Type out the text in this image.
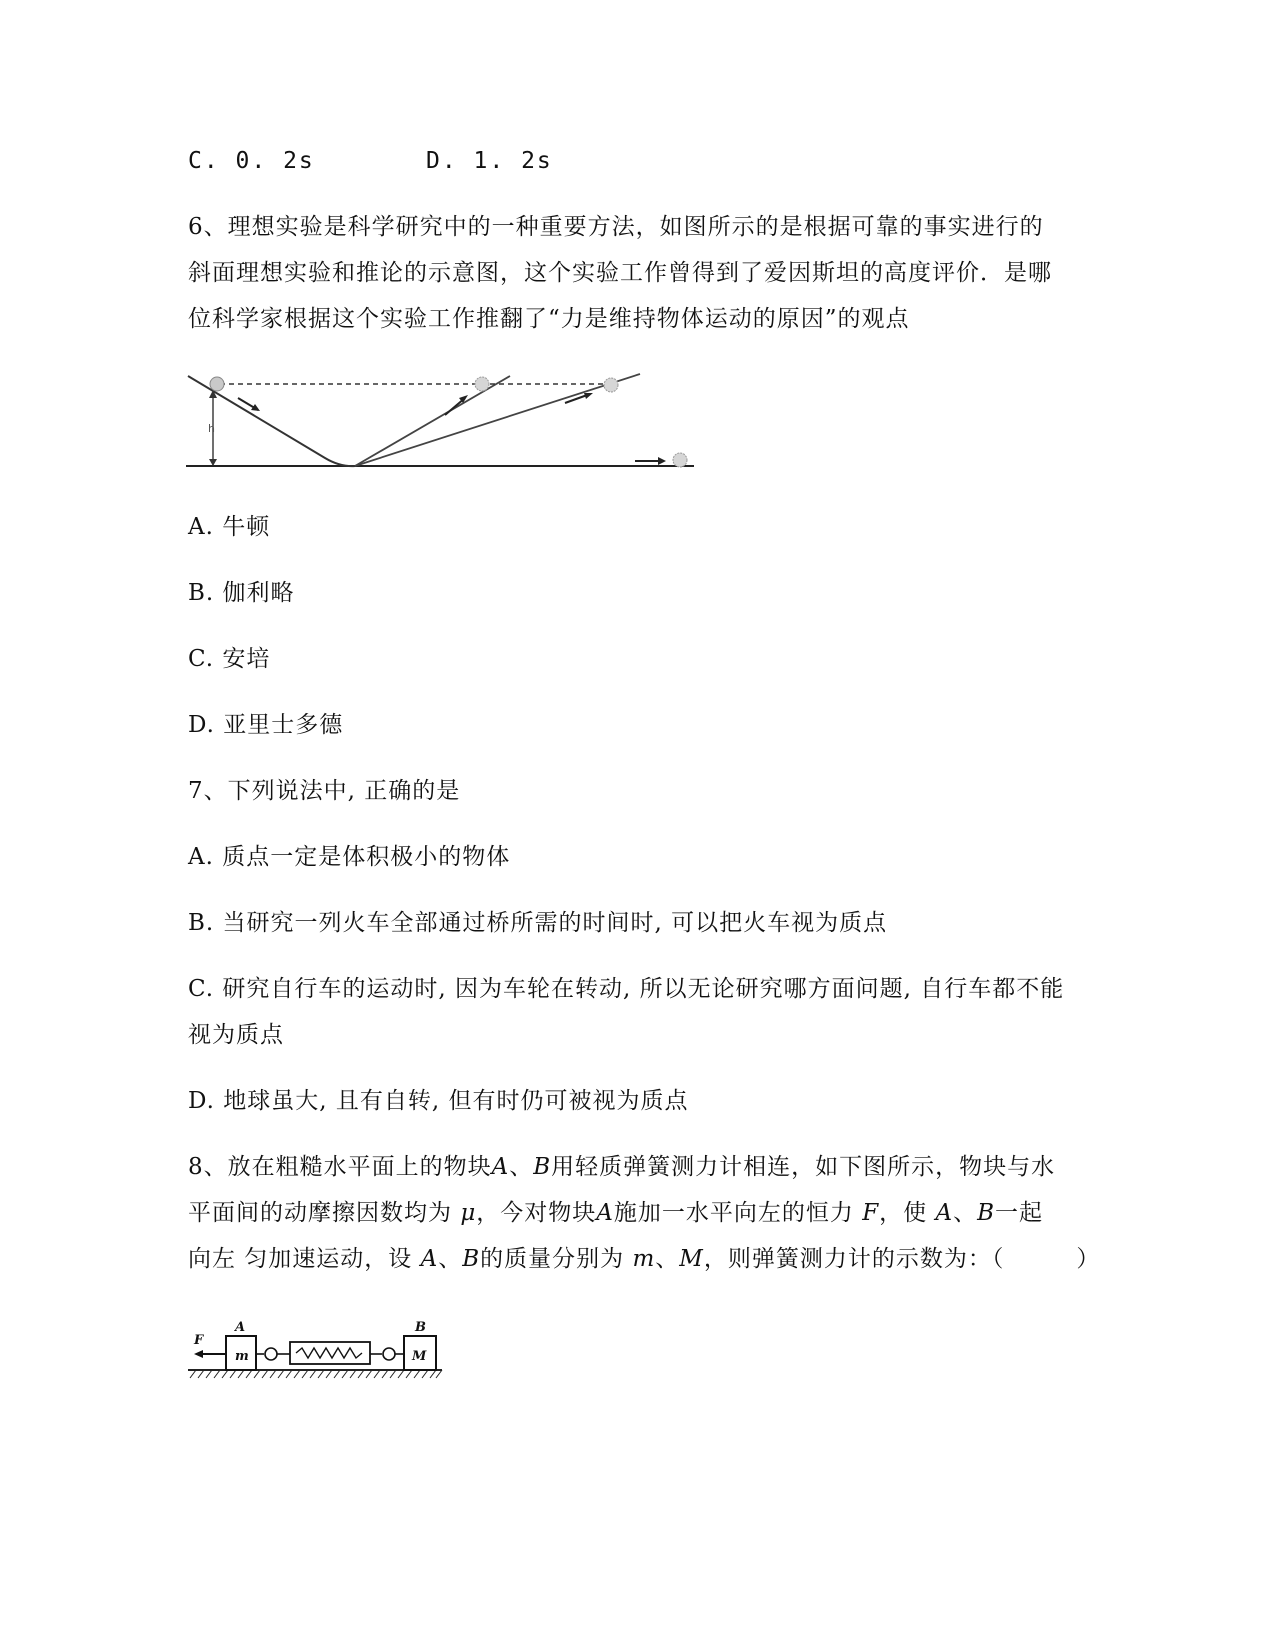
C. 0. 2s	D. 1. 2s
6、理想实验是科学研究中的一种重要方法，如图所示的是根据可靠的事实进行的
斜面理想实验和推论的示意图，这个实验工作曾得到了爱因斯坦的高度评价．是哪
位科学家根据这个实验工作推翻了“力是维持物体运动的原因”的观点
h
A. 牛顿
B. 伽利略
C. 安培
D. 亚里士多德
7、下列说法中, 正确的是
A. 质点一定是体积极小的物体
B. 当研究一列火车全部通过桥所需的时间时, 可以把火车视为质点
C. 研究自行车的运动时, 因为车轮在转动, 所以无论研究哪方面问题, 自行车都不能
视为质点
D. 地球虽大, 且有自转, 但有时仍可被视为质点
8、放在粗糙水平面上的物块A、B用轻质弹簧测力计相连，如下图所示，物块与水
平面间的动摩擦因数均为 μ，今对物块A施加一水平向左的恒力 F，使 A、B一起
向左 匀加速运动，设 A、B的质量分别为 m、M，则弹簧测力计的示数为：（　　　）
F
A
m
B
M
